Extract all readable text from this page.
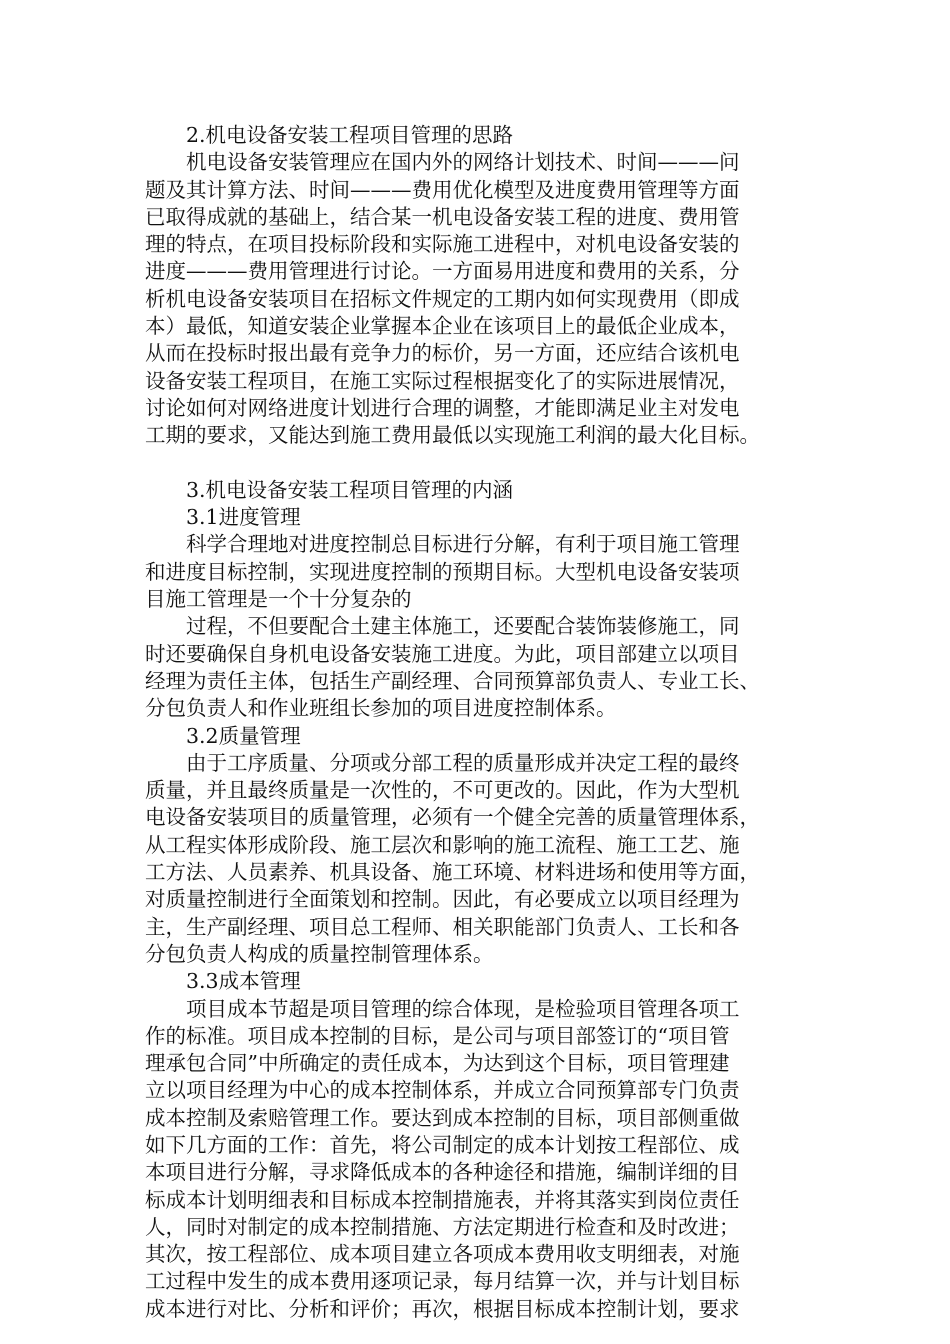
2.机电设备安装工程项目管理的思路
机电设备安装管理应在国内外的网络计划技术、时间———问
题及其计算方法、时间———费用优化模型及进度费用管理等方面
已取得成就的基础上，结合某一机电设备安装工程的进度、费用管
理的特点，在项目投标阶段和实际施工进程中，对机电设备安装的
进度———费用管理进行讨论。一方面易用进度和费用的关系，分
析机电设备安装项目在招标文件规定的工期内如何实现费用（即成
本）最低，知道安装企业掌握本企业在该项目上的最低企业成本，
从而在投标时报出最有竞争力的标价，另一方面，还应结合该机电
设备安装工程项目，在施工实际过程根据变化了的实际进展情况，
讨论如何对网络进度计划进行合理的调整，才能即满足业主对发电
工期的要求，又能达到施工费用最低以实现施工利润的最大化目标。
3.机电设备安装工程项目管理的内涵
3.1进度管理
科学合理地对进度控制总目标进行分解，有利于项目施工管理
和进度目标控制，实现进度控制的预期目标。大型机电设备安装项
目施工管理是一个十分复杂的
过程，不但要配合土建主体施工，还要配合装饰装修施工，同
时还要确保自身机电设备安装施工进度。为此，项目部建立以项目
经理为责任主体，包括生产副经理、合同预算部负责人、专业工长、
分包负责人和作业班组长参加的项目进度控制体系。
3.2质量管理
由于工序质量、分项或分部工程的质量形成并决定工程的最终
质量，并且最终质量是一次性的，不可更改的。因此，作为大型机
电设备安装项目的质量管理，必须有一个健全完善的质量管理体系，
从工程实体形成阶段、施工层次和影响的施工流程、施工工艺、施
工方法、人员素养、机具设备、施工环境、材料进场和使用等方面，
对质量控制进行全面策划和控制。因此，有必要成立以项目经理为
主，生产副经理、项目总工程师、相关职能部门负责人、工长和各
分包负责人构成的质量控制管理体系。
3.3成本管理
项目成本节超是项目管理的综合体现，是检验项目管理各项工
作的标准。项目成本控制的目标，是公司与项目部签订的“项目管
理承包合同”中所确定的责任成本，为达到这个目标，项目管理建
立以项目经理为中心的成本控制体系，并成立合同预算部专门负责
成本控制及索赔管理工作。要达到成本控制的目标，项目部侧重做
如下几方面的工作：首先，将公司制定的成本计划按工程部位、成
本项目进行分解，寻求降低成本的各种途径和措施，编制详细的目
标成本计划明细表和目标成本控制措施表，并将其落实到岗位责任
人，同时对制定的成本控制措施、方法定期进行检查和及时改进；
其次，按工程部位、成本项目建立各项成本费用收支明细表，对施
工过程中发生的成本费用逐项记录，每月结算一次，并与计划目标
成本进行对比、分析和评价；再次，根据目标成本控制计划，要求
